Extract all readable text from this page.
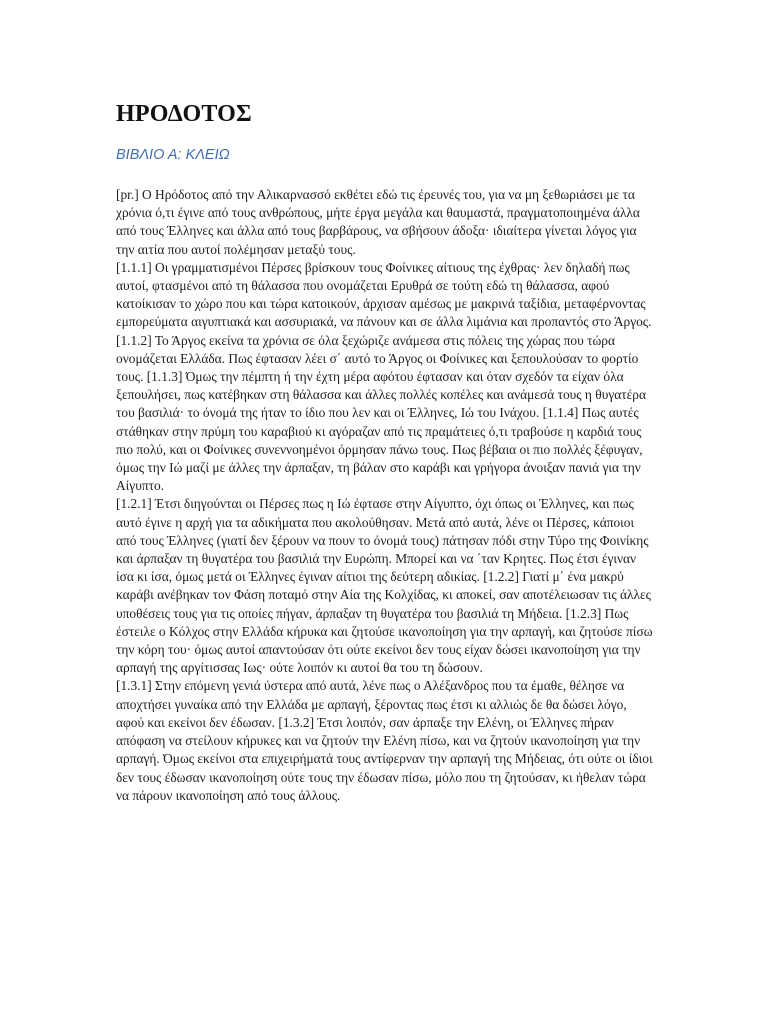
ΗΡΟΔΟΤΟΣ
ΒΙΒΛΙΟ Α: ΚΛΕΙΩ

[pr.] Ο Ηρόδοτος από την Αλικαρνασσό εκθέτει εδώ τις έρευνές του, για να μη ξεθωριάσει με τα χρόνια ό,τι έγινε από τους ανθρώπους, μήτε έργα μεγάλα και θαυμαστά, πραγματοποιημένα άλλα από τους Έλληνες και άλλα από τους βαρβάρους, να σβήσουν άδοξα· ιδιαίτερα γίνεται λόγος για την αιτία που αυτοί πολέμησαν μεταξύ τους.

[1.1.1] Οι γραμματισμένοι Πέρσες βρίσκουν τους Φοίνικες αίτιους της έχθρας· λεν δηλαδή πως αυτοί, φτασμένοι από τη θάλασσα που ονομάζεται Ερυθρά σε τούτη εδώ τη θάλασσα, αφού κατοίκισαν το χώρο που και τώρα κατοικούν, άρχισαν αμέσως με μακρινά ταξίδια, μεταφέρνοντας εμπορεύματα αιγυπτιακά και ασσυριακά, να πάνουν και σε άλλα λιμάνια και προπαντός στο Άργος. [1.1.2] Το Άργος εκείνα τα χρόνια σε όλα ξεχώριζε ανάμεσα στις πόλεις της χώρας που τώρα ονομάζεται Ελλάδα. Πως έφτασαν λέει σ΄ αυτό το Άργος οι Φοίνικες και ξεπουλούσαν το φορτίο τους. [1.1.3] Όμως την πέμπτη ή την έχτη μέρα αφότου έφτασαν και όταν σχεδόν τα είχαν όλα ξεπουλήσει, πως κατέβηκαν στη θάλασσα και άλλες πολλές κοπέλες και ανάμεσά τους η θυγατέρα του βασιλιά· το όνομά της ήταν το ίδιο που λεν και οι Έλληνες, Ιώ του Ινάχου. [1.1.4] Πως αυτές στάθηκαν στην πρύμη του καραβιού κι αγόραζαν από τις πραμάτειες ό,τι τραβούσε η καρδιά τους πιο πολύ, και οι Φοίνικες συνεννοημένοι όρμησαν πάνω τους. Πως βέβαια οι πιο πολλές ξέφυγαν, όμως την Ιώ μαζί με άλλες την άρπαξαν, τη βάλαν στο καράβι και γρήγορα άνοιξαν πανιά για την Αίγυπτο.

[1.2.1] Έτσι διηγούνται οι Πέρσες πως η Ιώ έφτασε στην Αίγυπτο, όχι όπως οι Έλληνες, και πως αυτό έγινε η αρχή για τα αδικήματα που ακολούθησαν. Μετά από αυτά, λένε οι Πέρσες, κάποιοι από τους Έλληνες (γιατί δεν ξέρουν να πουν το όνομά τους) πάτησαν πόδι στην Τύρο της Φοινίκης και άρπαξαν τη θυγατέρα του βασιλιά την Ευρώπη. Μπορεί και να ΄ταν Κρητες. Πως έτσι έγιναν ίσα κι ίσα, όμως μετά οι Έλληνες έγιναν αίτιοι της δεύτερη αδικίας. [1.2.2] Γιατί μ΄ ένα μακρύ καράβι ανέβηκαν τον Φάση ποταμό στην Αία της Κολχίδας, κι αποκεί, σαν αποτέλειωσαν τις άλλες υποθέσεις τους για τις οποίες πήγαν, άρπαξαν τη θυγατέρα του βασιλιά τη Μήδεια. [1.2.3] Πως έστειλε ο Κόλχος στην Ελλάδα κήρυκα και ζητούσε ικανοποίηση για την αρπαγή, και ζητούσε πίσω την κόρη του· όμως αυτοί απαντούσαν ότι ούτε εκείνοι δεν τους είχαν δώσει ικανοποίηση για την αρπαγή της αργίτισσας Ιως· ούτε λοιπόν κι αυτοί θα του τη δώσουν.

[1.3.1] Στην επόμενη γενιά ύστερα από αυτά, λένε πως ο Αλέξανδρος που τα έμαθε, θέλησε να αποχτήσει γυναίκα από την Ελλάδα με αρπαγή, ξέροντας πως έτσι κι αλλιώς δε θα δώσει λόγο, αφού και εκείνοι δεν έδωσαν. [1.3.2] Έτσι λοιπόν, σαν άρπαξε την Ελένη, οι Έλληνες πήραν απόφαση να στείλουν κήρυκες και να ζητούν την Ελένη πίσω, και να ζητούν ικανοποίηση για την αρπαγή. Όμως εκείνοι στα επιχειρήματά τους αντίφερναν την αρπαγή της Μήδειας, ότι ούτε οι ίδιοι δεν τους έδωσαν ικανοποίηση ούτε τους την έδωσαν πίσω, μόλο που τη ζητούσαν, κι ήθελαν τώρα να πάρουν ικανοποίηση από τους άλλους.
